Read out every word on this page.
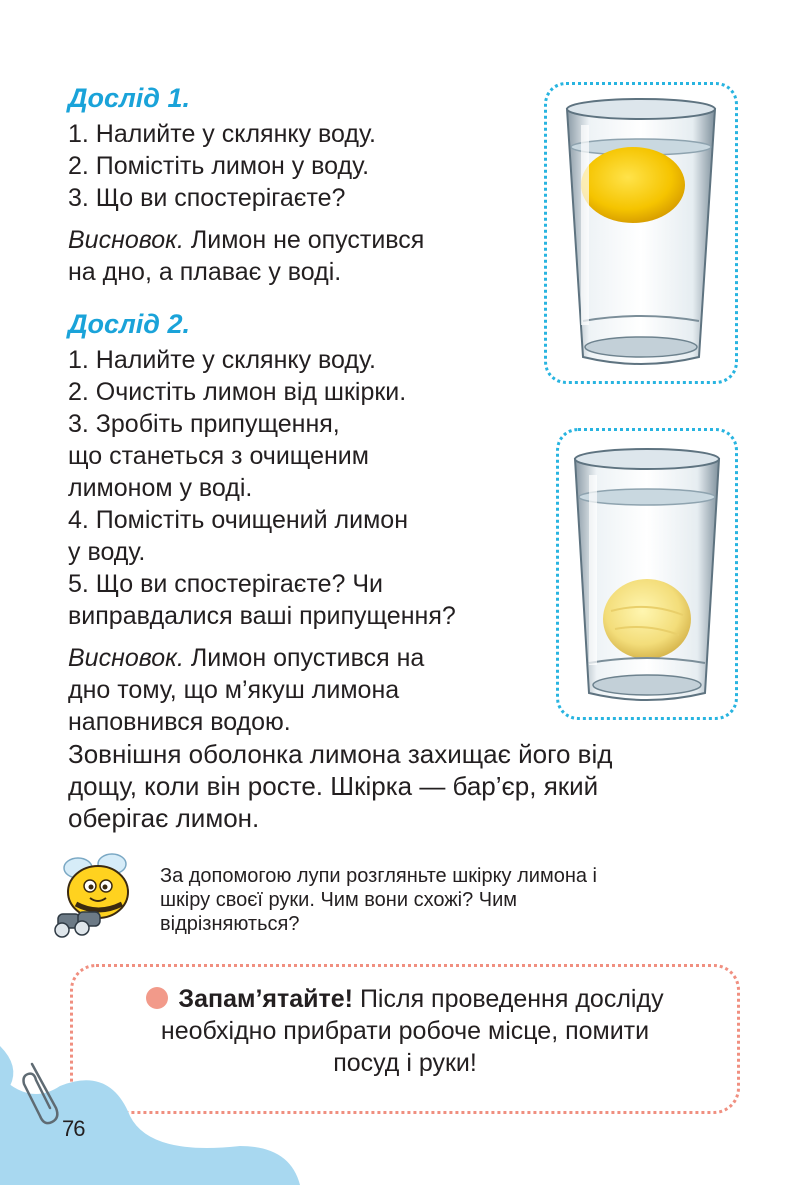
Дослід 1.
1. Налийте у склянку воду.
2. Помістіть лимон у воду.
3. Що ви спостерігаєте?
Висновок. Лимон не опустився
на дно, а плаває у воді.
Дослід 2.
1. Налийте у склянку воду.
2. Очистіть лимон від шкірки.
3. Зробіть припущення,
що станеться з очищеним
лимоном у воді.
4. Помістіть очищений лимон
у воду.
5. Що ви спостерігаєте? Чи
виправдалися ваші припущення?
Висновок. Лимон опустився на
дно тому, що м’якуш лимона
наповнився водою.
Зовнішня оболонка лимона захищає його від
дощу, коли він росте. Шкірка — бар’єр, який
оберігає лимон.
За допомогою лупи розгляньте шкірку лимона і
шкіру своєї руки. Чим вони схожі? Чим
відрізняються?
Запам’ятайте! Після проведення досліду
необхідно прибрати робоче місце, помити
посуд і руки!
76
